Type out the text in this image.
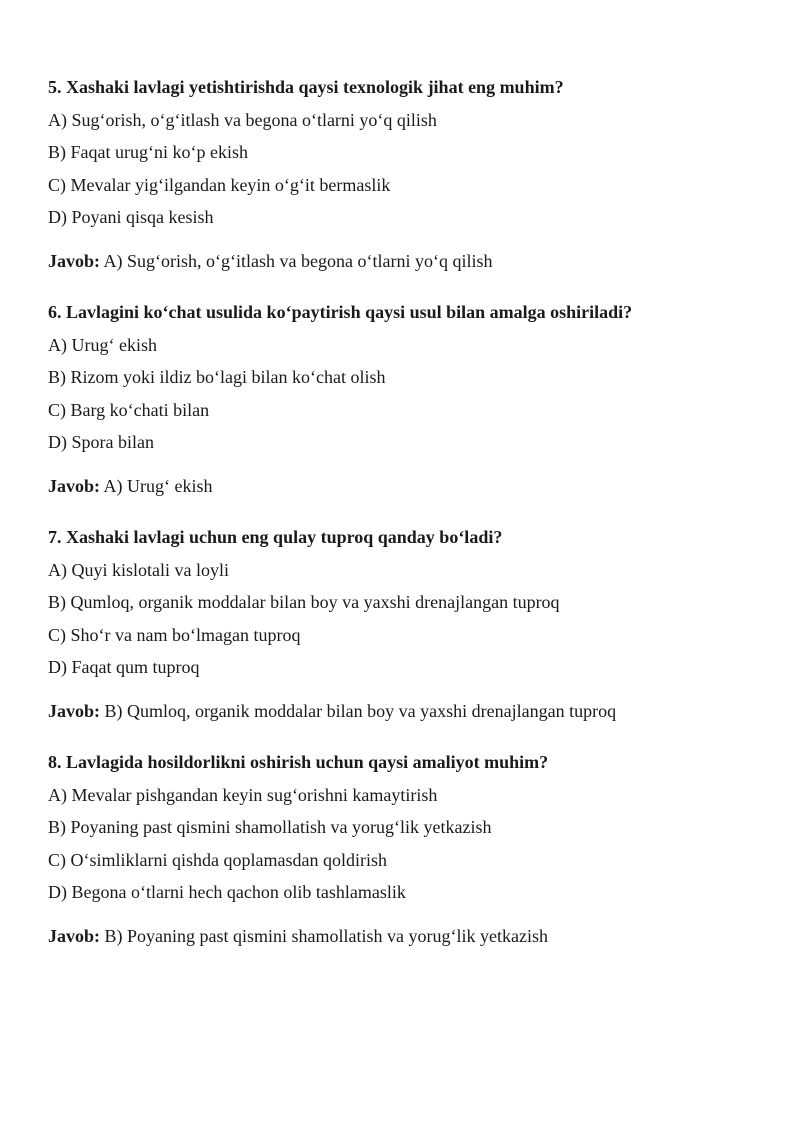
5. Xashaki lavlagi yetishtirishda qaysi texnologik jihat eng muhim?
A) Sug‘orish, o‘g‘itlash va begona o‘tlarni yo‘q qilish
B) Faqat urug‘ni ko‘p ekish
C) Mevalar yig‘ilgandan keyin o‘g‘it bermaslik
D) Poyani qisqa kesish
Javob: A) Sug‘orish, o‘g‘itlash va begona o‘tlarni yo‘q qilish
6. Lavlagini ko‘chat usulida ko‘paytirish qaysi usul bilan amalga oshiriladi?
A) Urug‘ ekish
B) Rizom yoki ildiz bo‘lagi bilan ko‘chat olish
C) Barg ko‘chati bilan
D) Spora bilan
Javob: A) Urug‘ ekish
7. Xashaki lavlagi uchun eng qulay tuproq qanday bo‘ladi?
A) Quyi kislotali va loyli
B) Qumloq, organik moddalar bilan boy va yaxshi drenajlangan tuproq
C) Sho‘r va nam bo‘lmagan tuproq
D) Faqat qum tuproq
Javob: B) Qumloq, organik moddalar bilan boy va yaxshi drenajlangan tuproq
8. Lavlagida hosildorlikni oshirish uchun qaysi amaliyot muhim?
A) Mevalar pishgandan keyin sug‘orishni kamaytirish
B) Poyaning past qismini shamollatish va yorug‘lik yetkazish
C) O‘simliklarni qishda qoplamasdan qoldirish
D) Begona o‘tlarni hech qachon olib tashlamaslik
Javob: B) Poyaning past qismini shamollatish va yorug‘lik yetkazish
